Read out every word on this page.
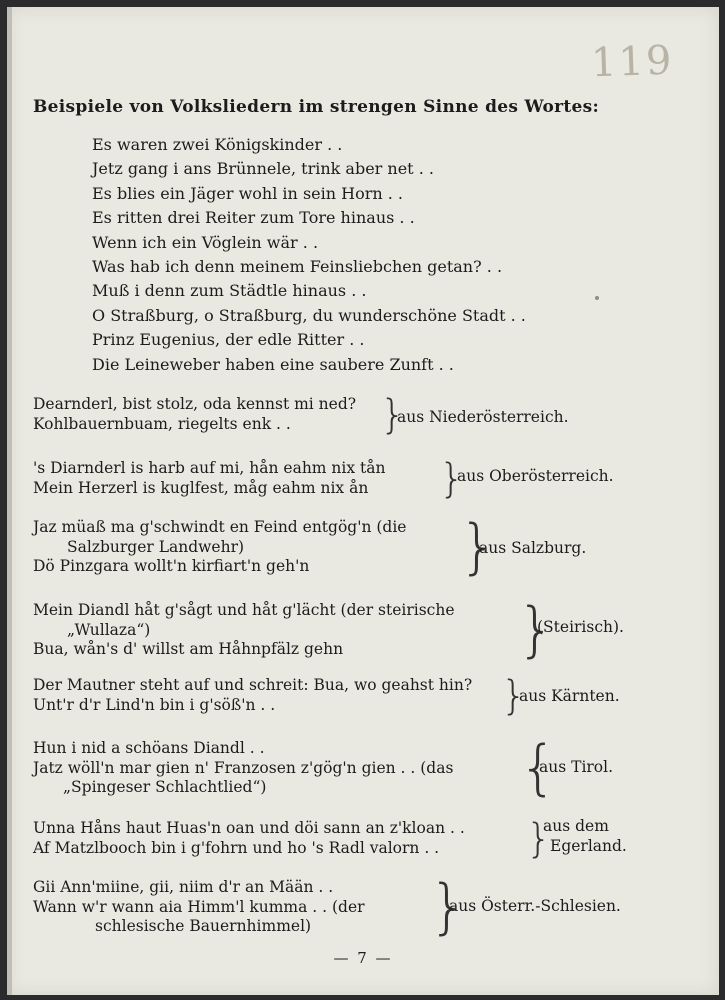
119
Beispiele von Volksliedern im strengen Sinne des Wortes:
Es waren zwei Königskinder . .
Jetz gang i ans Brünnele, trink aber net . .
Es blies ein Jäger wohl in sein Horn . .
Es ritten drei Reiter zum Tore hinaus . .
Wenn ich ein Vöglein wär . .
Was hab ich denn meinem Feinsliebchen getan? . .
Muß i denn zum Städtle hinaus . .
O Straßburg, o Straßburg, du wunderschöne Stadt . .
Prinz Eugenius, der edle Ritter . .
Die Leineweber haben eine saubere Zunft . .
Dearnderl, bist stolz, oda kennst mi ned?
Kohlbauernbuam, riegelts enk . .	}
aus Niederösterreich.
's Diarnderl is harb auf mi, hån eahm nix tån
Mein Herzerl is kuglfest, måg eahm nix ån	}
aus Oberösterreich.
Jaz müaß ma g'schwindt en Feind entgög'n (die
Salzburger Landwehr)
Dö Pinzgara wollt'n kirfiart'n geh'n	}
aus Salzburg.
Mein Diandl håt g'sågt und håt g'lächt (der steirische
„Wullaza“)
Bua, wån's d' willst am Håhnpfälz gehn	}
(Steirisch).
Der Mautner steht auf und schreit: Bua, wo geahst hin?
Unt'r d'r Lind'n bin i g'söß'n . .	}
aus Kärnten.
Hun i nid a schöans Diandl . .
Jatz wöll'n mar gien n' Franzosen z'gög'n gien . . (das
„Spingeser Schlachtlied“)	{
aus Tirol.
Unna Håns haut Huas'n oan und döi sann an z'kloan . .
Af Matzlbooch bin i g'fohrn und ho 's Radl valorn . .	}
aus dem
Egerland.
Gii Ann'miine, gii, niim d'r an Mään . .
Wann w'r wann aia Himm'l kumma . . (der
schlesische Bauernhimmel)	}
aus Österr.-Schlesien.
— 7 —
